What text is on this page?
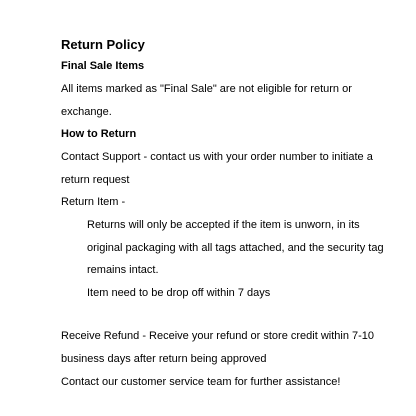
Return Policy
Final Sale Items
All items marked as "Final Sale" are not eligible for return or
exchange.
How to Return
Contact Support - contact us with your order number to initiate a
return request
Return Item -
Returns will only be accepted if the item is unworn, in its
original packaging with all tags attached, and the security tag
remains intact.
Item need to be drop off within 7 days
Receive Refund - Receive your refund or store credit within 7-10
business days after return being approved
Contact our customer service team for further assistance!
